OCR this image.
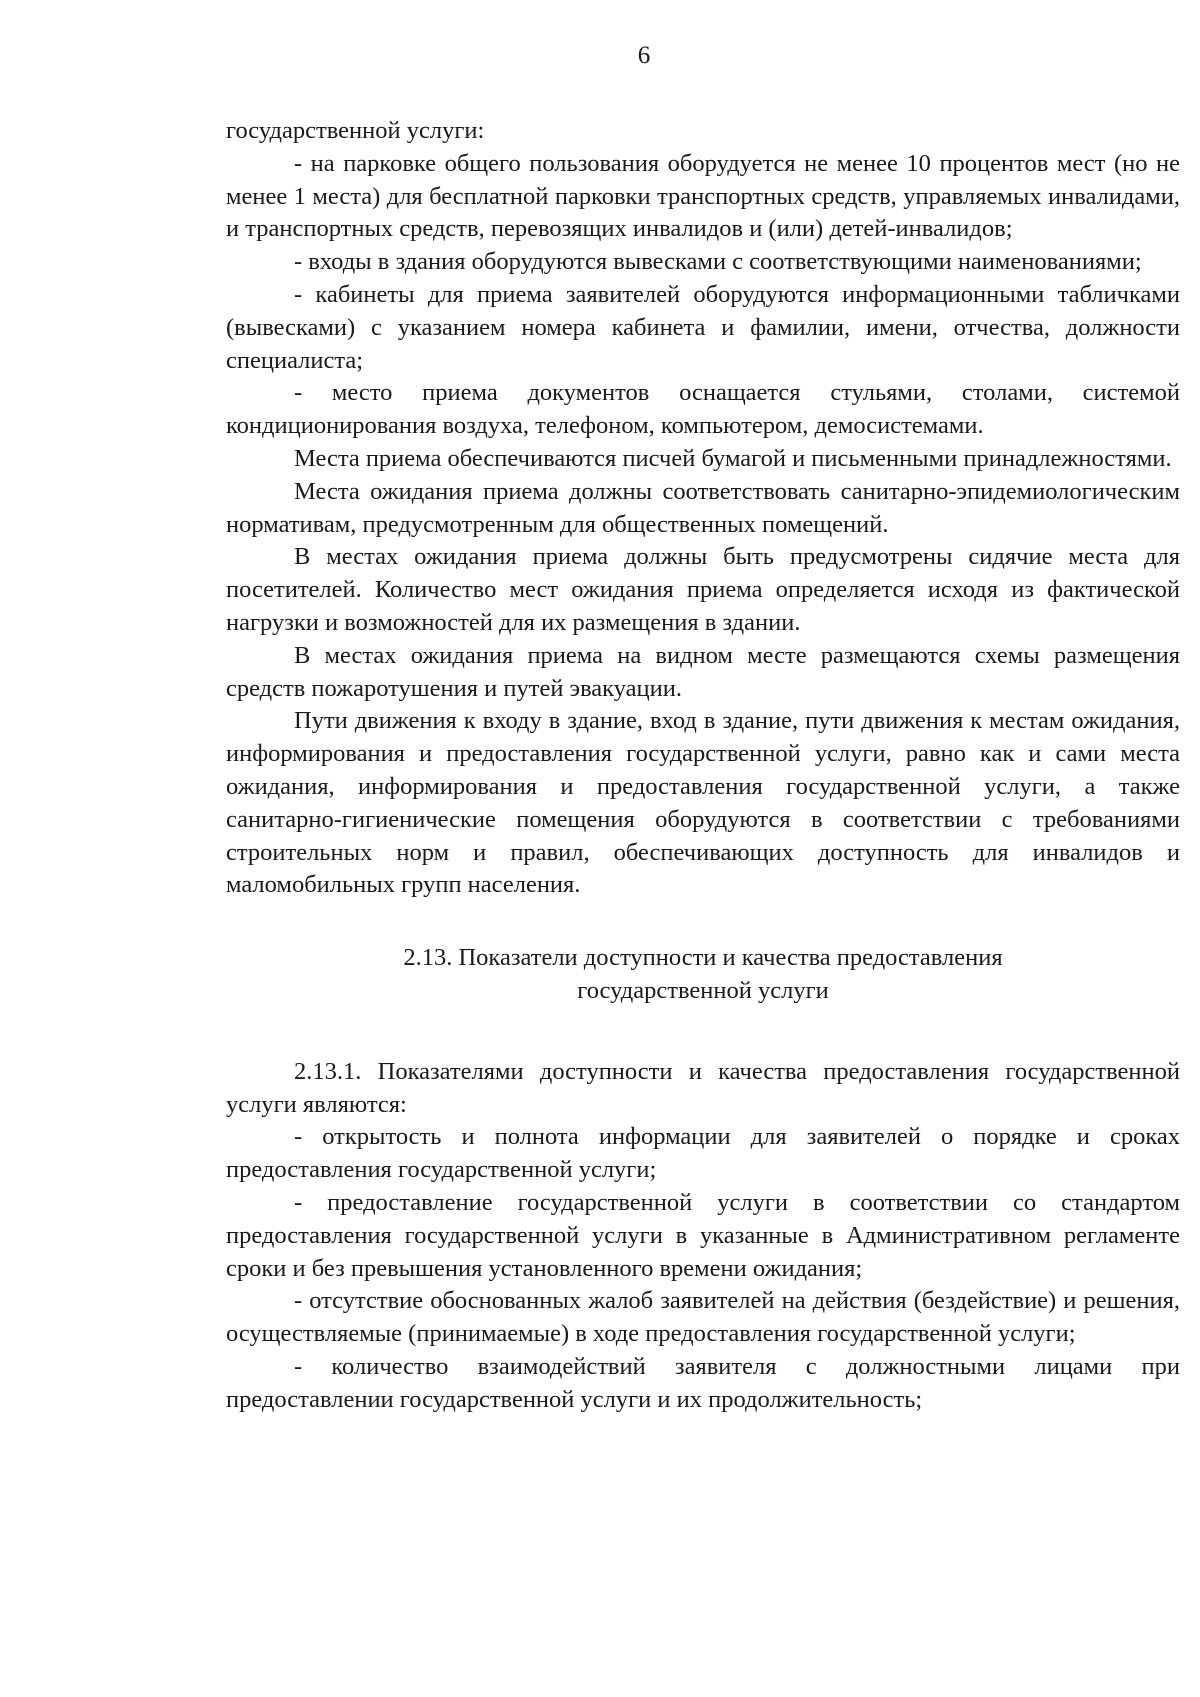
6

государственной услуги:

- на парковке общего пользования оборудуется не менее 10 процентов мест (но не менее 1 места) для бесплатной парковки транспортных средств, управляемых инвалидами, и транспортных средств, перевозящих инвалидов и (или) детей-инвалидов;

- входы в здания оборудуются вывесками с соответствующими наименованиями;

- кабинеты для приема заявителей оборудуются информационными табличками (вывесками) с указанием номера кабинета и фамилии, имени, отчества, должности специалиста;

- место приема документов оснащается стульями, столами, системой кондиционирования воздуха, телефоном, компьютером, демосистемами.

Места приема обеспечиваются писчей бумагой и письменными принадлежностями.

Места ожидания приема должны соответствовать санитарно-эпидемиологическим нормативам, предусмотренным для общественных помещений.

В местах ожидания приема должны быть предусмотрены сидячие места для посетителей. Количество мест ожидания приема определяется исходя из фактической нагрузки и возможностей для их размещения в здании.

В местах ожидания приема на видном месте размещаются схемы размещения средств пожаротушения и путей эвакуации.

Пути движения к входу в здание, вход в здание, пути движения к местам ожидания, информирования и предоставления государственной услуги, равно как и сами места ожидания, информирования и предоставления государственной услуги, а также санитарно-гигиенические помещения оборудуются в соответствии с требованиями строительных норм и правил, обеспечивающих доступность для инвалидов и маломобильных групп населения.

2.13. Показатели доступности и качества предоставления
государственной услуги

2.13.1. Показателями доступности и качества предоставления государственной услуги являются:

- открытость и полнота информации для заявителей о порядке и сроках предоставления государственной услуги;

- предоставление государственной услуги в соответствии со стандартом предоставления государственной услуги в указанные в Административном регламенте сроки и без превышения установленного времени ожидания;

- отсутствие обоснованных жалоб заявителей на действия (бездействие) и решения, осуществляемые (принимаемые) в ходе предоставления государственной услуги;

- количество взаимодействий заявителя с должностными лицами при предоставлении государственной услуги и их продолжительность;
